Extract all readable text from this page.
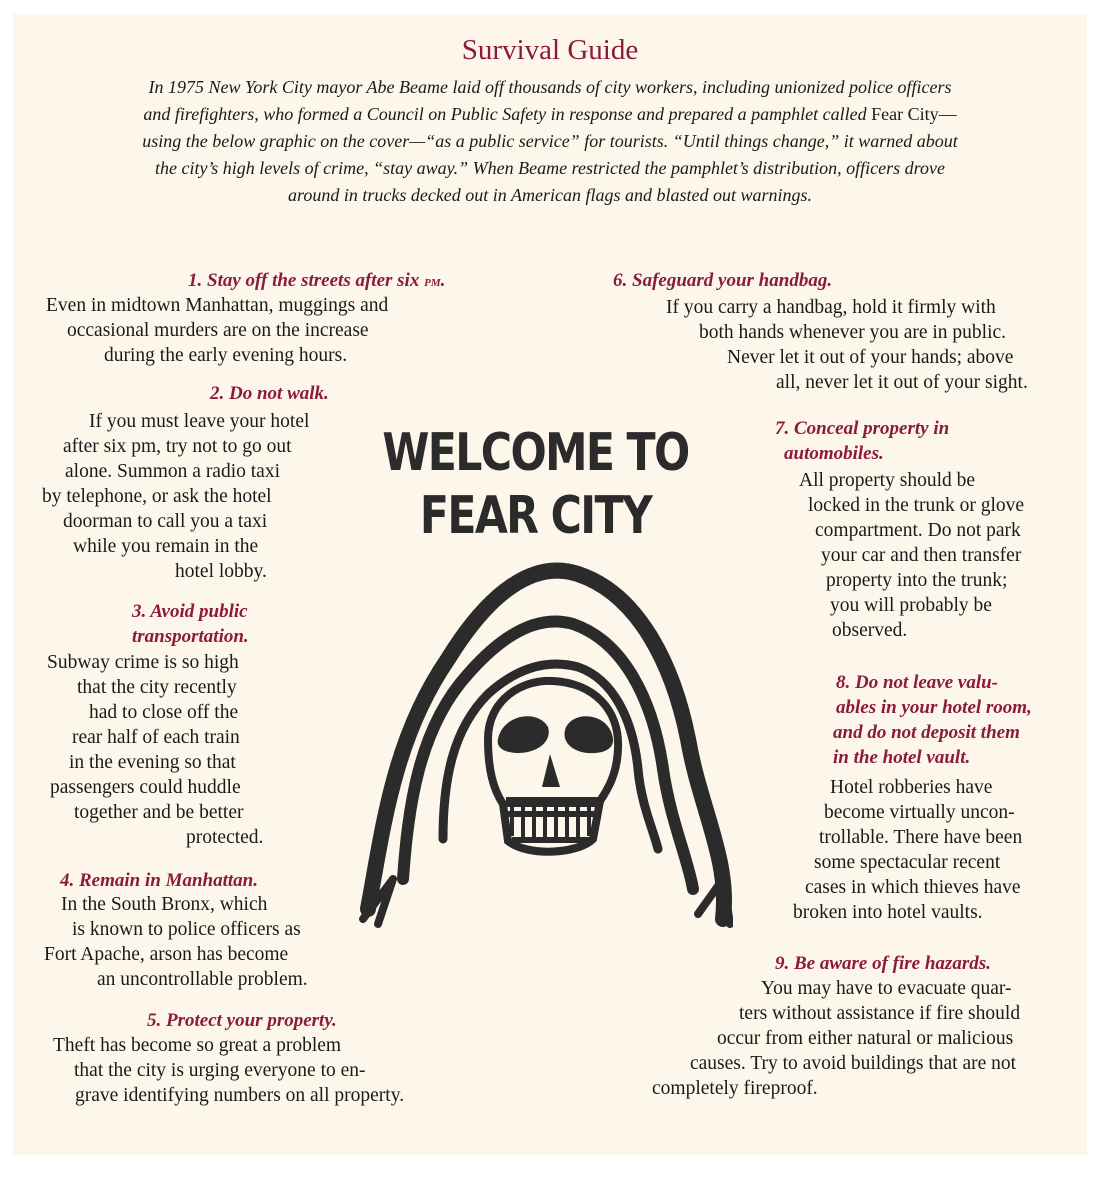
Survival Guide
In 1975 New York City mayor Abe Beame laid off thousands of city workers, including unionized police officers
and firefighters, who formed a Council on Public Safety in response and prepared a pamphlet called Fear City—
using the below graphic on the cover—“as a public service” for tourists. “Until things change,” it warned about
the city’s high levels of crime, “stay away.” When Beame restricted the pamphlet’s distribution, officers drove
around in trucks decked out in American flags and blasted out warnings.
1. Stay off the streets after six pm.
Even in midtown Manhattan, muggings and
occasional murders are on the increase
during the early evening hours.
2. Do not walk.
If you must leave your hotel
after six pm, try not to go out
alone. Summon a radio taxi
by telephone, or ask the hotel
doorman to call you a taxi
while you remain in the
hotel lobby.
3. Avoid public
transportation.
Subway crime is so high
that the city recently
had to close off the
rear half of each train
in the evening so that
passengers could huddle
together and be better
protected.
4. Remain in Manhattan.
In the South Bronx, which
is known to police officers as
Fort Apache, arson has become
an uncontrollable problem.
5. Protect your property.
Theft has become so great a problem
that the city is urging everyone to en-
grave identifying numbers on all property.
6. Safeguard your handbag.
If you carry a handbag, hold it firmly with
both hands whenever you are in public.
Never let it out of your hands; above
all, never let it out of your sight.
7. Conceal property in
automobiles.
All property should be
locked in the trunk or glove
compartment. Do not park
your car and then transfer
property into the trunk;
you will probably be
observed.
8. Do not leave valu-
ables in your hotel room,
and do not deposit them
in the hotel vault.
Hotel robberies have
become virtually uncon-
trollable. There have been
some spectacular recent
cases in which thieves have
broken into hotel vaults.
9. Be aware of fire hazards.
You may have to evacuate quar-
ters without assistance if fire should
occur from either natural or malicious
causes. Try to avoid buildings that are not
completely fireproof.
WELCOME TO
FEAR CITY
